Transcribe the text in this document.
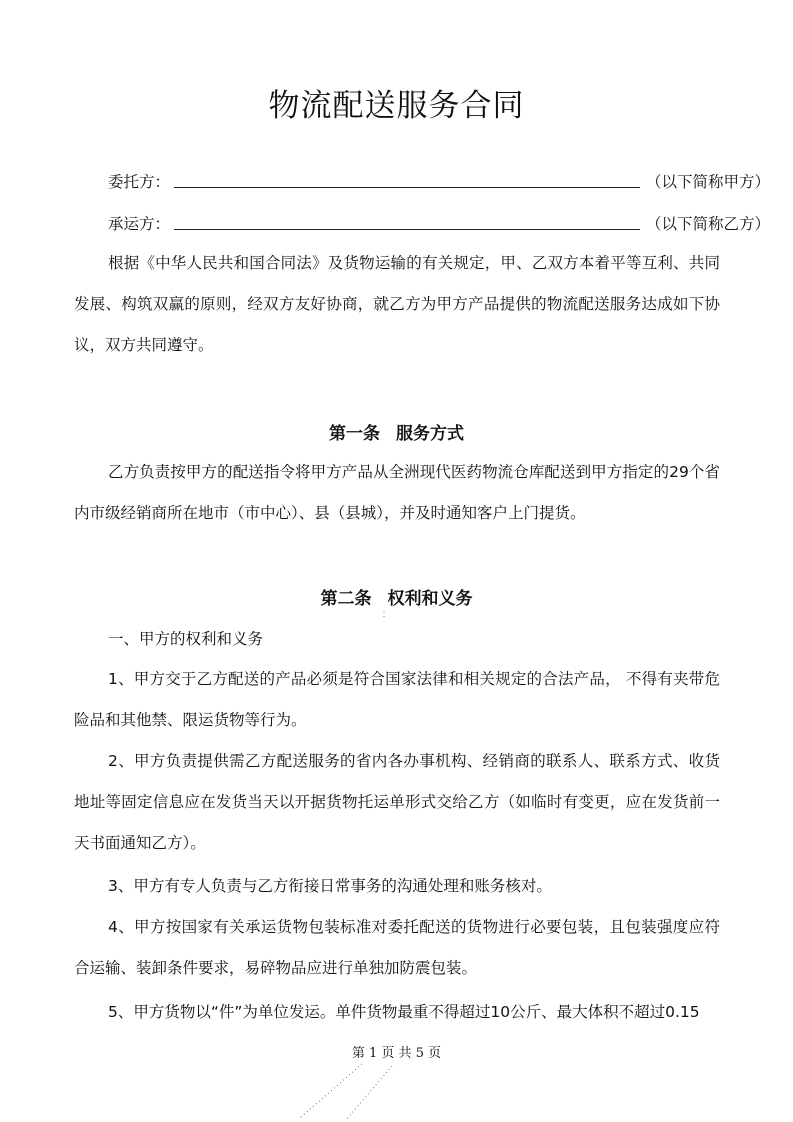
物流配送服务合同
委托方：	（以下简称甲方）
承运方：	（以下简称乙方）

根据《中华人民共和国合同法》及货物运输的有关规定，甲、乙双方本着平等互利、共同发展、构筑双赢的原则，经双方友好协商，就乙方为甲方产品提供的物流配送服务达成如下协议，双方共同遵守。

第一条 服务方式

乙方负责按甲方的配送指令将甲方产品从全洲现代医药物流仓库配送到甲方指定的29个省内市级经销商所在地市（市中心）、县（县城），并及时通知客户上门提货。

第二条 权利和义务
一、甲方的权利和义务

1、甲方交于乙方配送的产品必须是符合国家法律和相关规定的合法产品， 不得有夹带危险品和其他禁、限运货物等行为。

2、甲方负责提供需乙方配送服务的省内各办事机构、经销商的联系人、联系方式、收货地址等固定信息应在发货当天以开据货物托运单形式交给乙方（如临时有变更，应在发货前一天书面通知乙方）。

3、甲方有专人负责与乙方衔接日常事务的沟通处理和账务核对。

4、甲方按国家有关承运货物包装标准对委托配送的货物进行必要包装，且包装强度应符合运输、装卸条件要求，易碎物品应进行单独加防震包装。

5、甲方货物以“件”为单位发运。单件货物最重不得超过10公斤、最大体积不超过0.15

第 1 页 共 5 页
